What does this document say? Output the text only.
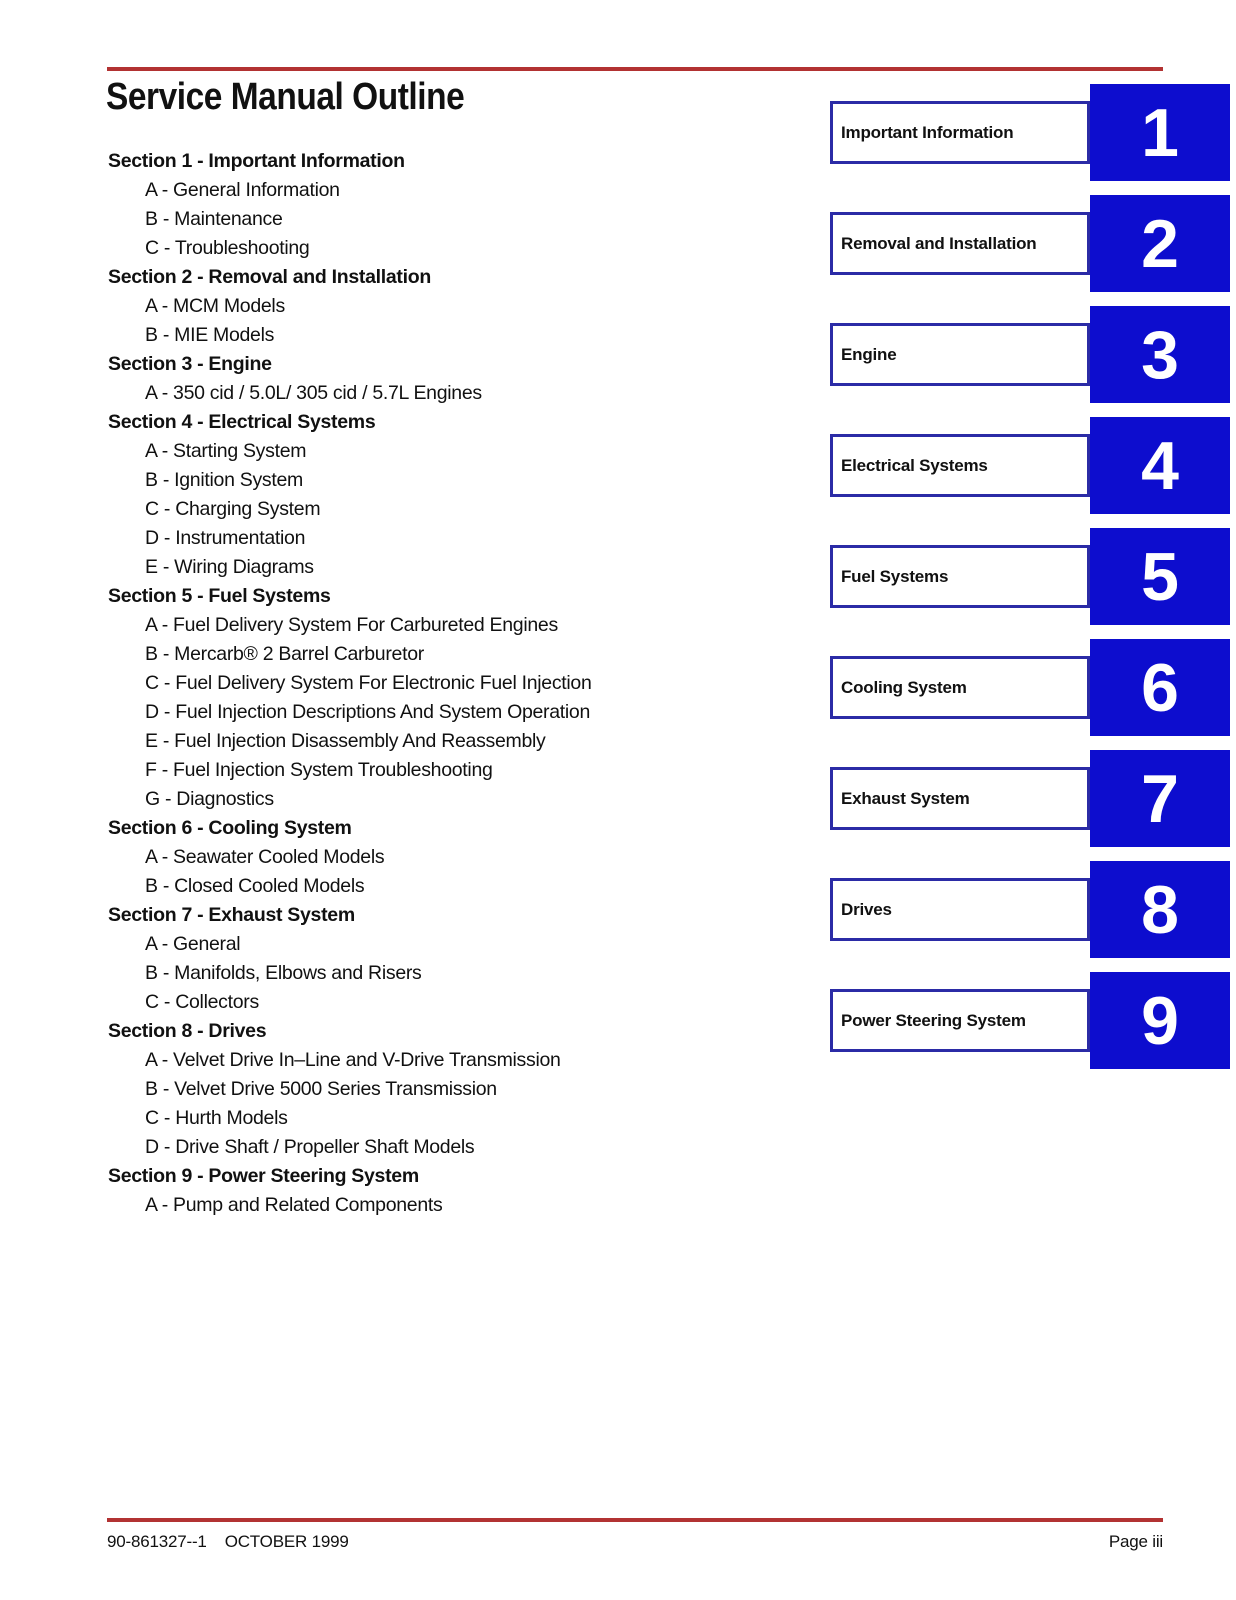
Service Manual Outline
Section 1 - Important Information
A - General Information
B - Maintenance
C - Troubleshooting
Section 2 - Removal and Installation
A - MCM Models
B - MIE Models
Section 3 - Engine
A - 350 cid / 5.0L/ 305 cid / 5.7L Engines
Section 4 - Electrical Systems
A - Starting System
B - Ignition System
C - Charging System
D - Instrumentation
E - Wiring Diagrams
Section 5 - Fuel Systems
A - Fuel Delivery System For Carbureted Engines
B - Mercarb® 2 Barrel Carburetor
C - Fuel Delivery System For Electronic Fuel Injection
D - Fuel Injection Descriptions And System Operation
E - Fuel Injection Disassembly And Reassembly
F - Fuel Injection System Troubleshooting
G - Diagnostics
Section 6 - Cooling System
A - Seawater Cooled Models
B - Closed Cooled Models
Section 7 - Exhaust System
A - General
B - Manifolds, Elbows and Risers
C - Collectors
Section 8 - Drives
A - Velvet Drive In–Line and V-Drive Transmission
B - Velvet Drive 5000 Series Transmission
C - Hurth Models
D - Drive Shaft / Propeller Shaft Models
Section 9 - Power Steering System
A - Pump and Related Components
Important Information	1
Removal and Installation	2
Engine	3
Electrical Systems	4
Fuel Systems	5
Cooling System	6
Exhaust System	7
Drives	8
Power Steering System	9
90-861327--1 OCTOBER 1999	Page iii
